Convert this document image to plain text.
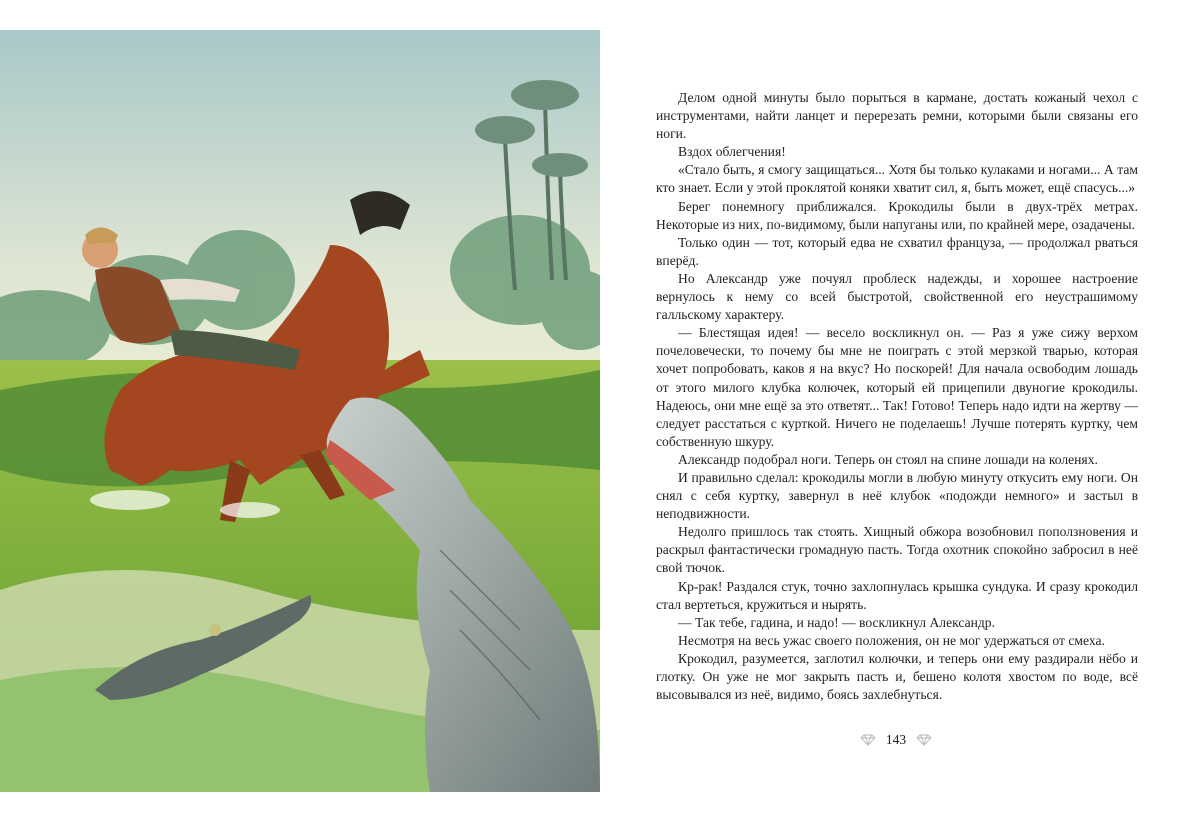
Делом одной минуты было порыться в кармане, достать кожаный чехол с инструментами, найти ланцет и перерезать ремни, которыми были связаны его ноги.

Вздох облегчения!

«Стало быть, я смогу защищаться... Хотя бы только кулаками и ногами... А там кто знает. Если у этой проклятой коняки хватит сил, я, быть может, ещё спасусь...»

Берег понемногу приближался. Крокодилы были в двух-трёх метрах. Некоторые из них, по-видимому, были напуганы или, по крайней мере, озадачены.

Только один — тот, который едва не схватил француза, — продолжал рваться вперёд.

Но Александр уже почуял проблеск надежды, и хорошее настроение вернулось к нему со всей быстротой, свойственной его неустрашимому галльскому характеру.

— Блестящая идея! — весело воскликнул он. — Раз я уже сижу верхом почеловечески, то почему бы мне не поиграть с этой мерзкой тварью, которая хочет попробовать, каков я на вкус? Но поскорей! Для начала освободим лошадь от этого милого клубка колючек, который ей прицепили двуногие крокодилы. Надеюсь, они мне ещё за это ответят... Так! Готово! Теперь надо идти на жертву — следует расстаться с курткой. Ничего не поделаешь! Лучше потерять куртку, чем собственную шкуру.

Александр подобрал ноги. Теперь он стоял на спине лошади на коленях.

И правильно сделал: крокодилы могли в любую минуту откусить ему ноги. Он снял с себя куртку, завернул в неё клубок «подожди немного» и застыл в неподвижности.

Недолго пришлось так стоять. Хищный обжора возобновил поползновения и раскрыл фантастически громадную пасть. Тогда охотник спокойно забросил в неё свой тючок.

Кр-рак! Раздался стук, точно захлопнулась крышка сундука. И сразу крокодил стал вертеться, кружиться и нырять.

— Так тебе, гадина, и надо! — воскликнул Александр.

Несмотря на весь ужас своего положения, он не мог удержаться от смеха.

Крокодил, разумеется, заглотил колючки, и теперь они ему раздирали нёбо и глотку. Он уже не мог закрыть пасть и, бешено колотя хвостом по воде, всё высовывался из неё, видимо, боясь захлебнуться.

143
